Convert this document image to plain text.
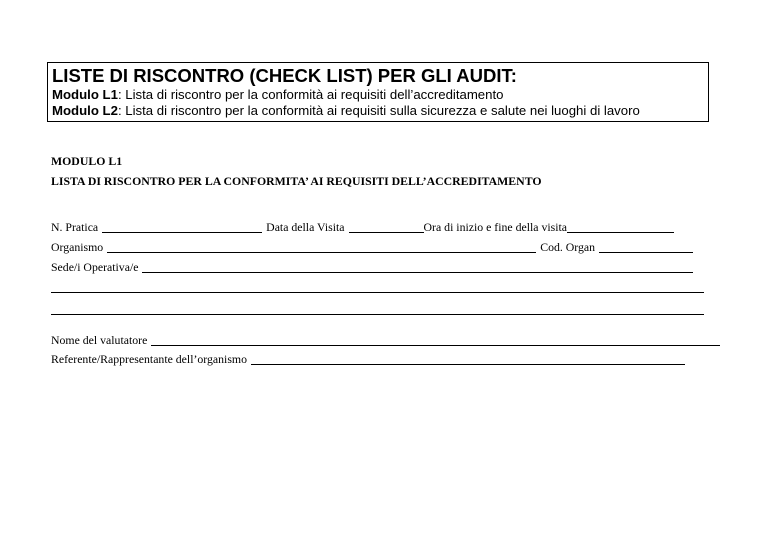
LISTE DI RISCONTRO (CHECK LIST) PER GLI AUDIT:
Modulo L1: Lista di riscontro per la conformità ai requisiti dell’accreditamento
Modulo L2: Lista di riscontro per la conformità ai requisiti sulla sicurezza e salute nei luoghi di lavoro
MODULO L1
LISTA DI RISCONTRO PER LA CONFORMITA’ AI REQUISITI DELL’ACCREDITAMENTO
N. Pratica	Data della Visita	Ora di inizio e fine della visita
Organismo	Cod. Organ
Sede/i Operativa/e
Nome del valutatore
Referente/Rappresentante dell’organismo
